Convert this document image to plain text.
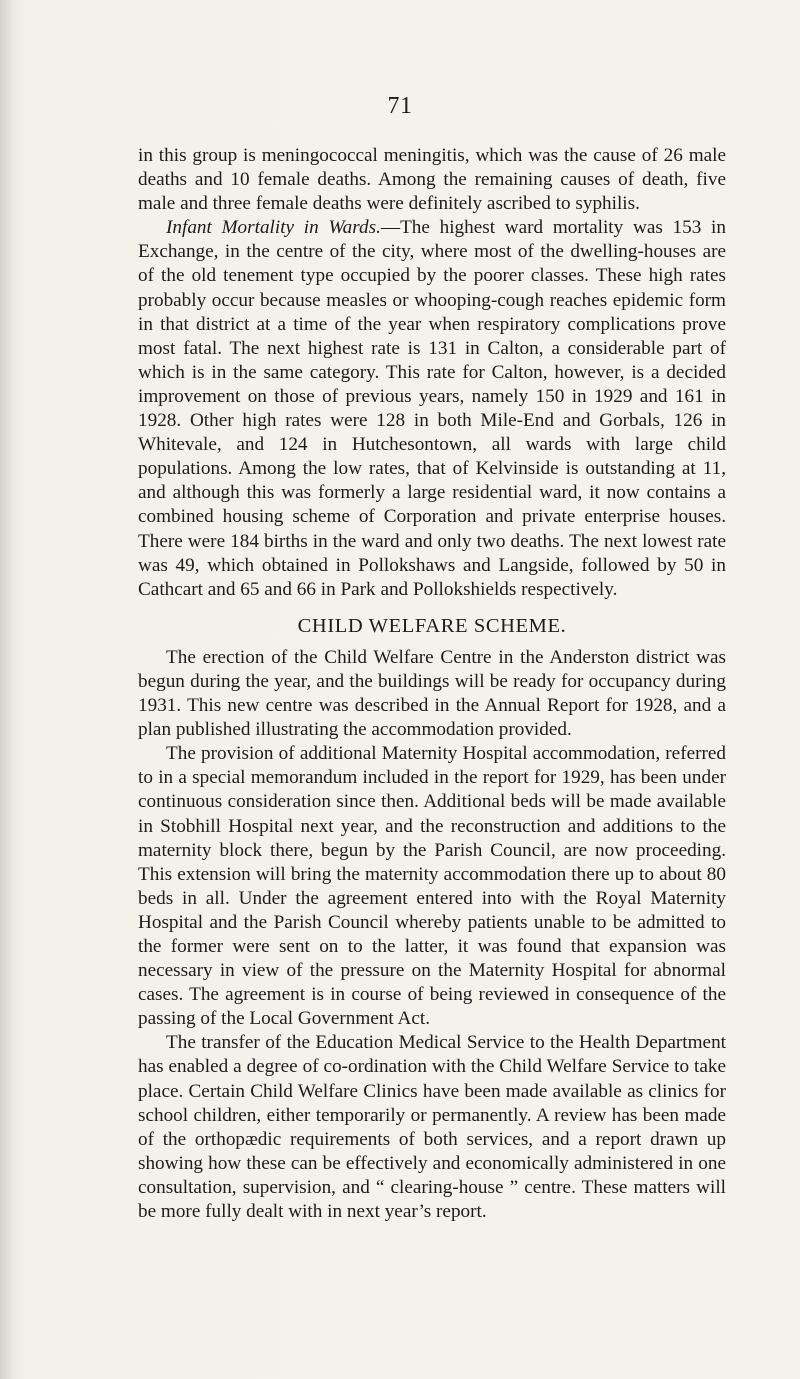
71

in this group is meningococcal meningitis, which was the cause of 26 male deaths and 10 female deaths. Among the remaining causes of death, five male and three female deaths were definitely ascribed to syphilis.

Infant Mortality in Wards.—The highest ward mortality was 153 in Exchange, in the centre of the city, where most of the dwelling-houses are of the old tenement type occupied by the poorer classes. These high rates probably occur because measles or whooping-cough reaches epidemic form in that district at a time of the year when respiratory complications prove most fatal. The next highest rate is 131 in Calton, a considerable part of which is in the same category. This rate for Calton, however, is a decided improvement on those of previous years, namely 150 in 1929 and 161 in 1928. Other high rates were 128 in both Mile-End and Gorbals, 126 in Whitevale, and 124 in Hutchesontown, all wards with large child populations. Among the low rates, that of Kelvinside is outstanding at 11, and although this was formerly a large residential ward, it now contains a combined housing scheme of Corporation and private enterprise houses. There were 184 births in the ward and only two deaths. The next lowest rate was 49, which obtained in Pollokshaws and Langside, followed by 50 in Cathcart and 65 and 66 in Park and Pollokshields respectively.

CHILD WELFARE SCHEME.

The erection of the Child Welfare Centre in the Anderston district was begun during the year, and the buildings will be ready for occupancy during 1931. This new centre was described in the Annual Report for 1928, and a plan published illustrating the accommodation provided.

The provision of additional Maternity Hospital accommodation, referred to in a special memorandum included in the report for 1929, has been under continuous consideration since then. Additional beds will be made available in Stobhill Hospital next year, and the reconstruction and additions to the maternity block there, begun by the Parish Council, are now proceeding. This extension will bring the maternity accommodation there up to about 80 beds in all. Under the agreement entered into with the Royal Maternity Hospital and the Parish Council whereby patients unable to be admitted to the former were sent on to the latter, it was found that expansion was necessary in view of the pressure on the Maternity Hospital for abnormal cases. The agreement is in course of being reviewed in consequence of the passing of the Local Government Act.

The transfer of the Education Medical Service to the Health Department has enabled a degree of co-ordination with the Child Welfare Service to take place. Certain Child Welfare Clinics have been made available as clinics for school children, either temporarily or permanently. A review has been made of the orthopædic requirements of both services, and a report drawn up showing how these can be effectively and economically administered in one consultation, supervision, and “ clearing-house ” centre. These matters will be more fully dealt with in next year’s report.
